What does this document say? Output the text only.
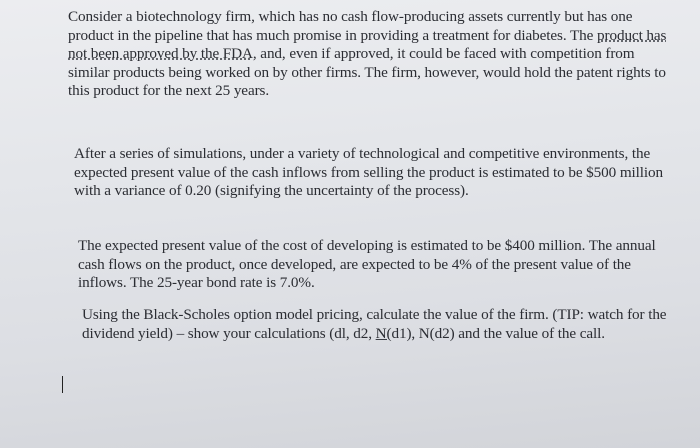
Consider a biotechnology firm, which has no cash flow-producing assets currently but has one product in the pipeline that has much promise in providing a treatment for diabetes. The product has not been approved by the FDA, and, even if approved, it could be faced with competition from similar products being worked on by other firms. The firm, however, would hold the patent rights to this product for the next 25 years.

After a series of simulations, under a variety of technological and competitive environments, the expected present value of the cash inflows from selling the product is estimated to be $500 million with a variance of 0.20 (signifying the uncertainty of the process).

The expected present value of the cost of developing is estimated to be $400 million. The annual cash flows on the product, once developed, are expected to be 4% of the present value of the inflows. The 25-year bond rate is 7.0%.

Using the Black-Scholes option model pricing, calculate the value of the firm. (TIP: watch for the dividend yield) – show your calculations (dl, d2, N(d1), N(d2) and the value of the call.
